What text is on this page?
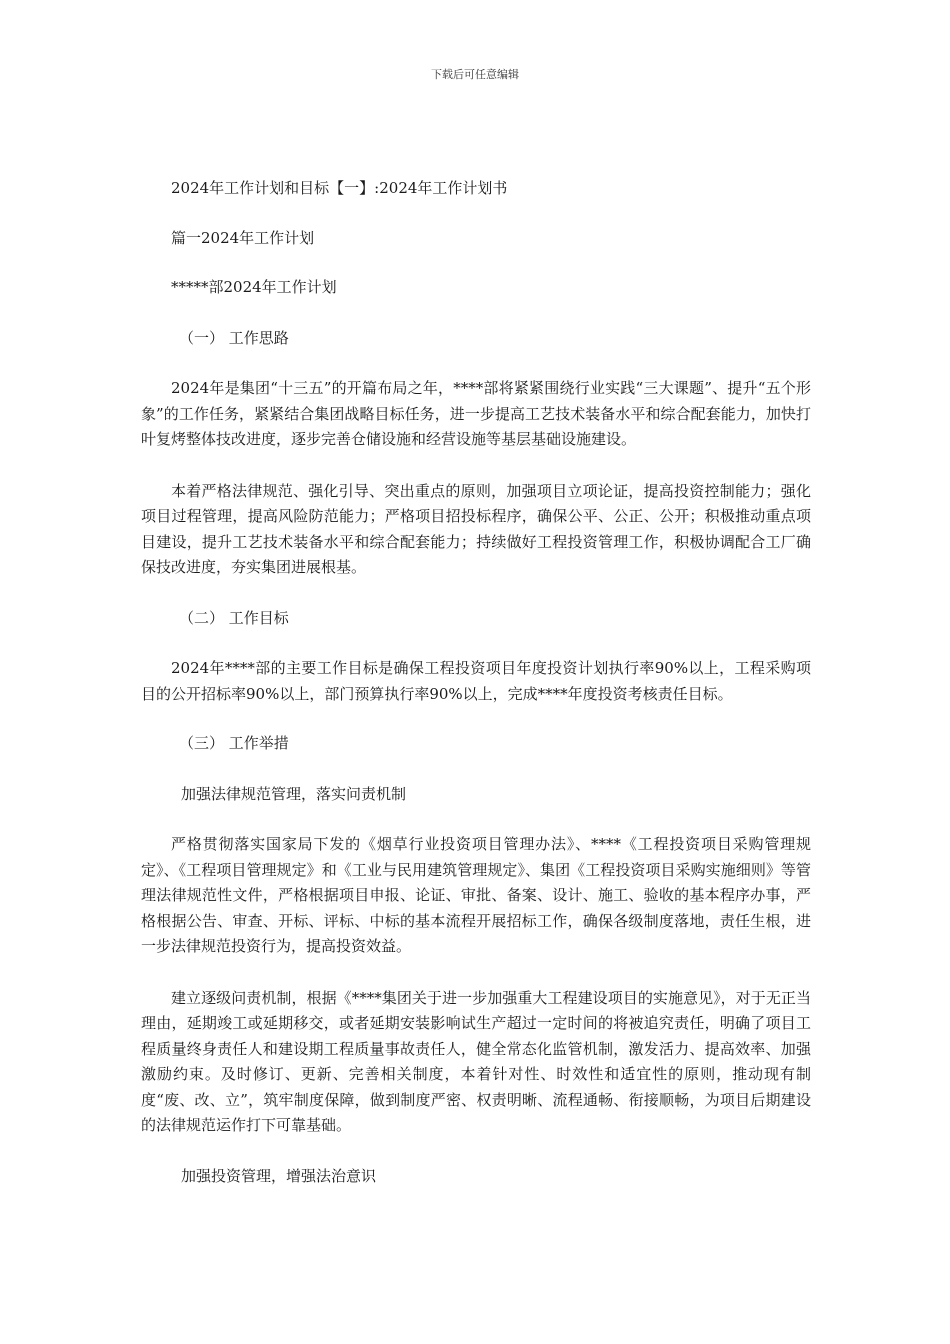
下载后可任意编辑

2024年工作计划和目标【一】:2024年工作计划书

篇一2024年工作计划

*****部2024年工作计划

（一） 工作思路

2024年是集团“十三五”的开篇布局之年，****部将紧紧围绕行业实践“三大课题”、提升“五个形象”的工作任务，紧紧结合集团战略目标任务，进一步提高工艺技术装备水平和综合配套能力，加快打叶复烤整体技改进度，逐步完善仓储设施和经营设施等基层基础设施建设。

本着严格法律规范、强化引导、突出重点的原则，加强项目立项论证，提高投资控制能力；强化项目过程管理，提高风险防范能力；严格项目招投标程序，确保公平、公正、公开；积极推动重点项目建设，提升工艺技术装备水平和综合配套能力；持续做好工程投资管理工作，积极协调配合工厂确保技改进度，夯实集团进展根基。

（二） 工作目标

2024年****部的主要工作目标是确保工程投资项目年度投资计划执行率90%以上，工程采购项目的公开招标率90%以上，部门预算执行率90%以上，完成****年度投资考核责任目标。

（三） 工作举措

加强法律规范管理，落实问责机制

严格贯彻落实国家局下发的《烟草行业投资项目管理办法》、****《工程投资项目采购管理规定》、《工程项目管理规定》和《工业与民用建筑管理规定》、集团《工程投资项目采购实施细则》等管理法律规范性文件，严格根据项目申报、论证、审批、备案、设计、施工、验收的基本程序办事，严格根据公告、审查、开标、评标、中标的基本流程开展招标工作，确保各级制度落地，责任生根，进一步法律规范投资行为，提高投资效益。

建立逐级问责机制，根据《****集团关于进一步加强重大工程建设项目的实施意见》，对于无正当理由，延期竣工或延期移交，或者延期安装影响试生产超过一定时间的将被追究责任，明确了项目工程质量终身责任人和建设期工程质量事故责任人，健全常态化监管机制，激发活力、提高效率、加强激励约束。及时修订、更新、完善相关制度，本着针对性、时效性和适宜性的原则，推动现有制度“废、改、立”，筑牢制度保障，做到制度严密、权责明晰、流程通畅、衔接顺畅，为项目后期建设的法律规范运作打下可靠基础。

加强投资管理，增强法治意识
